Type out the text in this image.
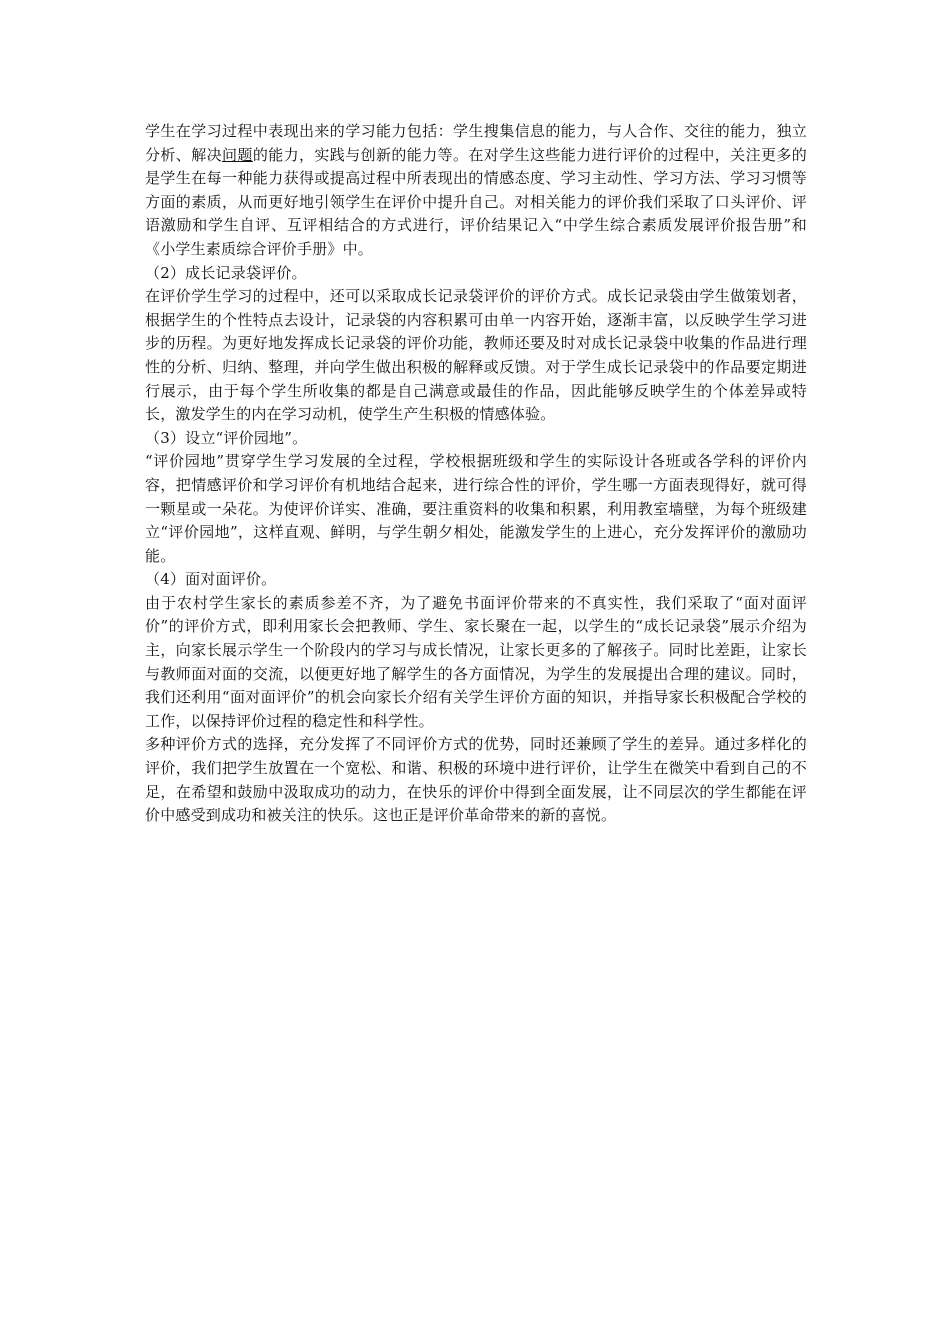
学生在学习过程中表现出来的学习能力包括：学生搜集信息的能力，与人合作、交往的能力，独立分析、解决问题的能力，实践与创新的能力等。在对学生这些能力进行评价的过程中，关注更多的是学生在每一种能力获得或提高过程中所表现出的情感态度、学习主动性、学习方法、学习习惯等方面的素质，从而更好地引领学生在评价中提升自己。对相关能力的评价我们采取了口头评价、评语激励和学生自评、互评相结合的方式进行，评价结果记入“中学生综合素质发展评价报告册”和《小学生素质综合评价手册》中。

（2）成长记录袋评价。

在评价学生学习的过程中，还可以采取成长记录袋评价的评价方式。成长记录袋由学生做策划者，根据学生的个性特点去设计，记录袋的内容积累可由单一内容开始，逐渐丰富，以反映学生学习进步的历程。为更好地发挥成长记录袋的评价功能，教师还要及时对成长记录袋中收集的作品进行理性的分析、归纳、整理，并向学生做出积极的解释或反馈。对于学生成长记录袋中的作品要定期进行展示，由于每个学生所收集的都是自己满意或最佳的作品，因此能够反映学生的个体差异或特长，激发学生的内在学习动机，使学生产生积极的情感体验。

（3）设立“评价园地”。

“评价园地”贯穿学生学习发展的全过程，学校根据班级和学生的实际设计各班或各学科的评价内容，把情感评价和学习评价有机地结合起来，进行综合性的评价，学生哪一方面表现得好，就可得一颗星或一朵花。为使评价详实、准确，要注重资料的收集和积累，利用教室墙壁，为每个班级建立“评价园地”，这样直观、鲜明，与学生朝夕相处，能激发学生的上进心，充分发挥评价的激励功能。

（4）面对面评价。

由于农村学生家长的素质参差不齐，为了避免书面评价带来的不真实性，我们采取了“面对面评价”的评价方式，即利用家长会把教师、学生、家长聚在一起，以学生的“成长记录袋”展示介绍为主，向家长展示学生一个阶段内的学习与成长情况，让家长更多的了解孩子。同时比差距，让家长与教师面对面的交流，以便更好地了解学生的各方面情况，为学生的发展提出合理的建议。同时，我们还利用“面对面评价”的机会向家长介绍有关学生评价方面的知识，并指导家长积极配合学校的工作，以保持评价过程的稳定性和科学性。

多种评价方式的选择，充分发挥了不同评价方式的优势，同时还兼顾了学生的差异。通过多样化的评价，我们把学生放置在一个宽松、和谐、积极的环境中进行评价，让学生在微笑中看到自己的不足，在希望和鼓励中汲取成功的动力，在快乐的评价中得到全面发展，让不同层次的学生都能在评价中感受到成功和被关注的快乐。这也正是评价革命带来的新的喜悦。
